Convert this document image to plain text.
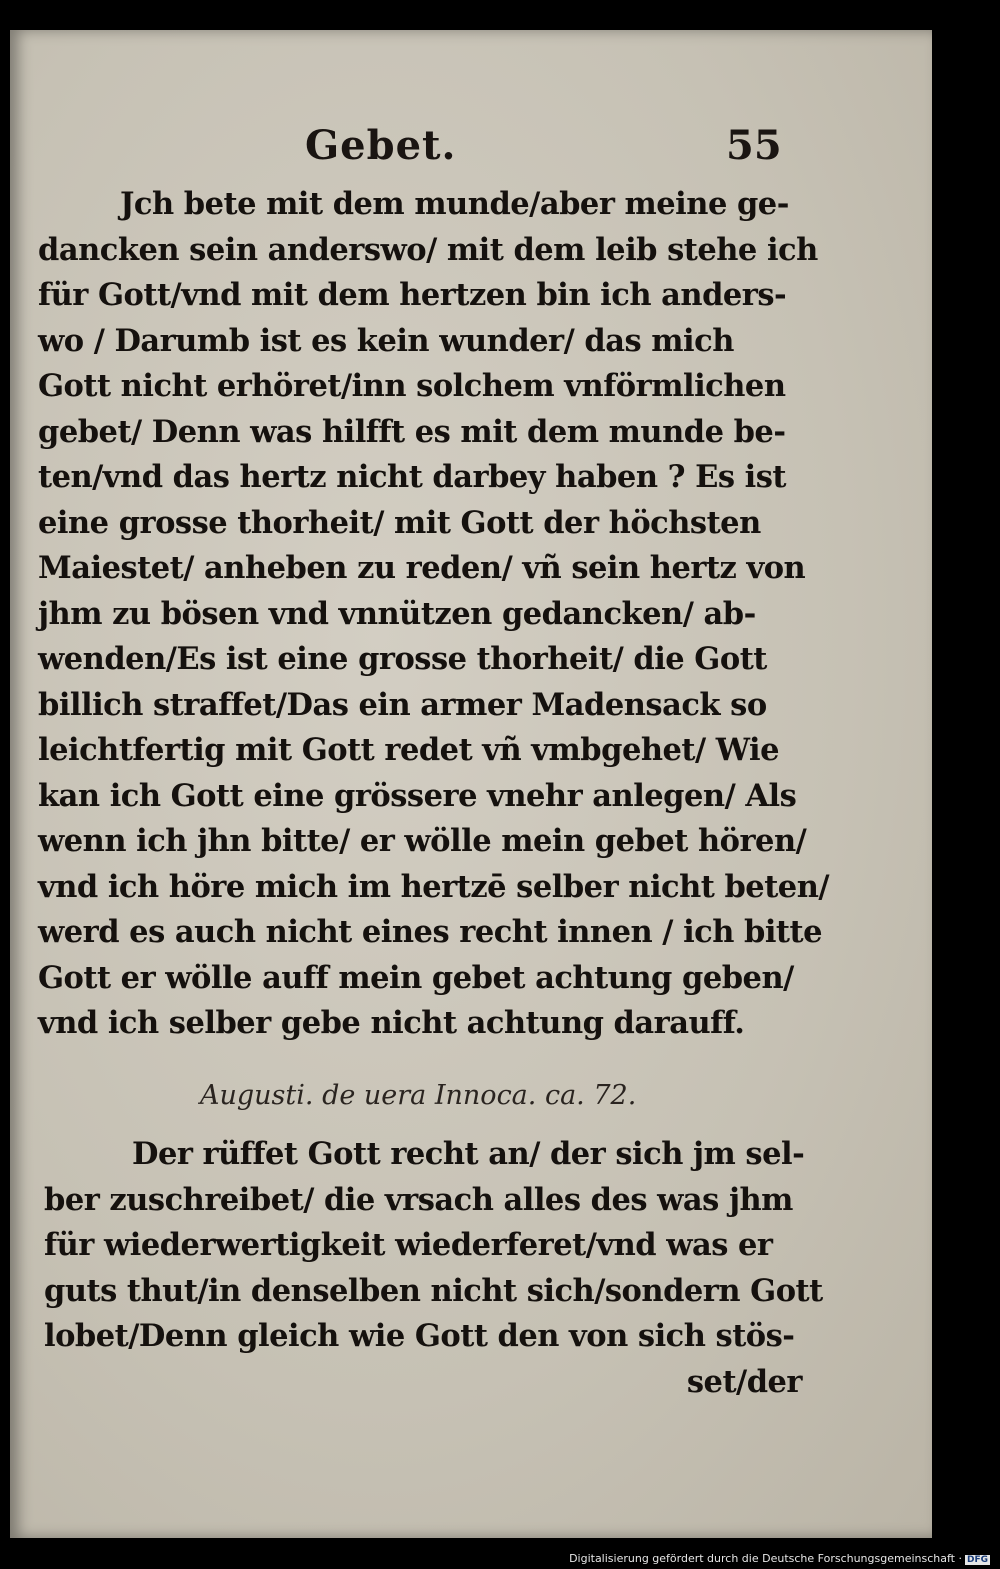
Gebet.	55
Jch bete mit dem munde/aber meine ge-
dancken sein anderswo/ mit dem leib stehe ich
für Gott/vnd mit dem hertzen bin ich anders-
wo / Darumb ist es kein wunder/ das mich
Gott nicht erhöret/inn solchem vnförmlichen
gebet/ Denn was hilfft es mit dem munde be-
ten/vnd das hertz nicht darbey haben ? Es ist
eine grosse thorheit/ mit Gott der höchsten
Maiestet/ anheben zu reden/ vñ sein hertz von
jhm zu bösen vnd vnnützen gedancken/ ab-
wenden/Es ist eine grosse thorheit/ die Gott
billich straffet/Das ein armer Madensack so
leichtfertig mit Gott redet vñ vmbgehet/ Wie
kan ich Gott eine grössere vnehr anlegen/ Als
wenn ich jhn bitte/ er wölle mein gebet hören/
vnd ich höre mich im hertzē selber nicht beten/
werd es auch nicht eines recht innen / ich bitte
Gott er wölle auff mein gebet achtung geben/
vnd ich selber gebe nicht achtung darauff.
Augusti. de uera Innoca. ca. 72.
Der rüffet Gott recht an/ der sich jm sel-
ber zuschreibet/ die vrsach alles des was jhm
für wiederwertigkeit wiederferet/vnd was er
guts thut/in denselben nicht sich/sondern Gott
lobet/Denn gleich wie Gott den von sich stös-
set/der
Digitalisierung gefördert durch die Deutsche Forschungsgemeinschaft · DFG
